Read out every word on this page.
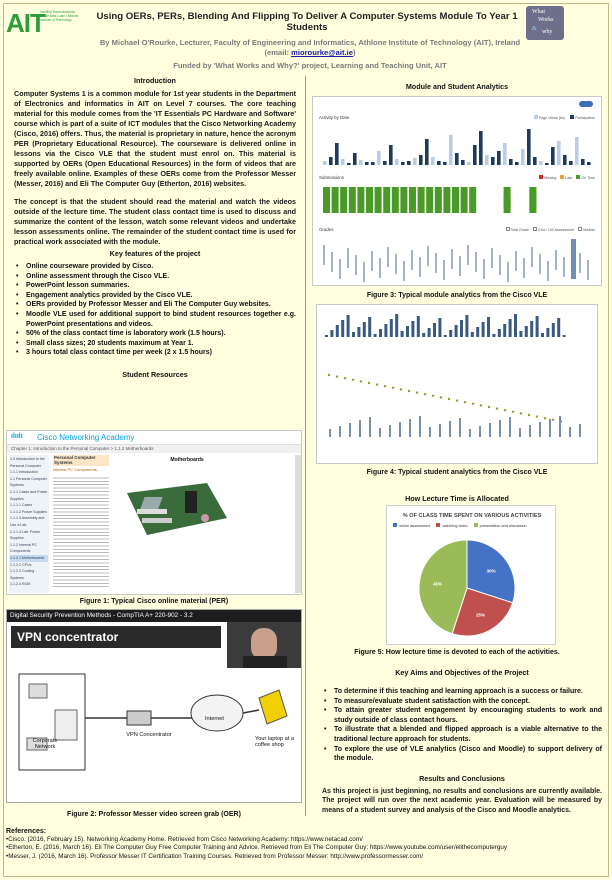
AIT
Institiúid Teicneolaíochta Bhaile Átha Luain / Athlone Institute of Technology	Using OERs, PERs, Blending And Flipping To Deliver A Computer Systems Module To Year 1 Students
By Michael O'Rourke, Lecturer, Faculty of Engineering and Informatics, Athlone Institute of Technology (AIT), Ireland
(email: miorourke@ait.ie)
Funded by 'What Works and Why?' project, Learning and Teaching Unit, AIT
What
Works
& why
Introduction

Computer Systems 1 is a common module for 1st year students in the Department of Electronics and informatics in AIT on Level 7 courses. The core teaching material for this module comes from the 'IT Essentials PC Hardware and Software' course which is part of a suite of ICT modules that the Cisco Networking Academy (Cisco, 2016) offers. Thus, the material is proprietary in nature, hence the acronym PER (Proprietary Educational Resource). The courseware is delivered online in lessons via the Cisco VLE that the student must enrol on. This material is supported by OERs (Open Educational Resources) in the form of videos that are freely available online. Examples of these OERs come from the Professor Messer (Messer, 2016) and Eli The Computer Guy (Etherton, 2016) websites.

The concept is that the student should read the material and watch the videos outside of the lecture time. The student class contact time is used to discuss and summarize the content of the lesson, watch some relevant videos and undertake lesson assessments online. The remainder of the student contact time is used for practical work associated with the module.

Key features of the project
• Online courseware provided by Cisco.
• Online assessment through the Cisco VLE.
• PowerPoint lesson summaries.
• Engagement analytics provided by the Cisco VLE.
• OERs provided by Professor Messer and Eli The Computer Guy websites.
• Moodle VLE used for additional support to bind student resources together e.g. PowerPoint presentations and videos.
• 50% of the class contact time is laboratory work (1.5 hours).
• Small class sizes; 20 students maximum at Year 1.
• 3 hours total class contact time per week (2 x 1.5 hours)
Student Resources
ılıılı Cisco Networking Academy
Chapter 1: Introduction to the Personal Computer > 1.1.2 Motherboards
1.0 Introduction to the Personal Computer
1.1.1 Introduction
1.1 Personal Computer Systems
1.1.1 Cases and Power Supplies
1.1.1.1 Cases
1.1.1.2 Power Supplies
1.1.1.3 Assembly and Use a Lab
1.1.1.4 Lab: Power Supplies
1.1.2 Internal PC Components
1.1.2.1 Motherboards
1.1.2.2 CPUs
1.1.2.3 Cooling Systems
1.1.2.4 ROM
Personal Computer Systems
Internal PC Components
Motherboards
Figure 1: Typical Cisco online material (PER)
Digital Security Prevention Methods - CompTIA A+ 220-902 - 3.2
VPN concentrator
Corporate Network
VPN Concentrator
Internet
Your laptop at a coffee shop
Figure 2: Professor Messer video screen grab (OER)
Module and Student Analytics
Activity by Date	Page Views (Av)	Participation
Submissions	Missing	Late	On Time
Grades	Total Grade	Grid / 100 Assessment	Median
Figure 3: Typical module analytics from the Cisco VLE
Figure 4: Typical student analytics from the Cisco VLE
How Lecture Time is Allocated
% OF CLASS TIME SPENT ON VARIOUS ACTIVITIES
online assessment	watching video	presentation and discussion
30%
25%
45%
Figure 5: How lecture time is devoted to each of the activities.
Key Aims and Objectives of the Project
• To determine if this teaching and learning approach is a success or failure.
• To measure/evaluate student satisfaction with the concept.
• To attain greater student engagement by encouraging students to work and study outside of class contact hours.
• To illustrate that a blended and flipped approach is a viable alternative to the traditional lecture approach for students.
• To explore the use of VLE analytics (Cisco and Moodle) to support delivery of the module.
Results and Conclusions

As this project is just beginning, no results and conclusions are currently available. The project will run over the next academic year. Evaluation will be measured by means of a student survey and analysis of the Cisco and Moodle analytics.

References:
•Cisco. (2016, February 15). Networking Academy Home. Retrieved from Cisco Networking Academy: https://www.netacad.com/
•Etherton, E. (2016, March 16). Eli The Computer Guy Free Computer Training and Advice. Retrieved from Eli The Computer Guy: https://www.youtube.com/user/elithecomputerguy
•Messer, J. (2016, March 16). Professor Messer IT Certification Training Courses. Retrieved from Professor Messer: http://www.professormesser.com/
